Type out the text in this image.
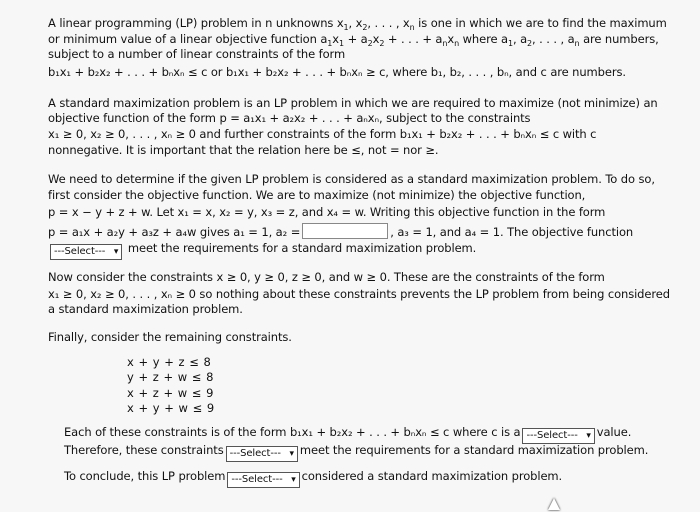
A linear programming (LP) problem in n unknowns $x_1$, $x_2$, . . . , $x_n$ is one in which we are to find the maximum
or minimum value of a linear objective function $a_1x_1 + a_2x_2$ + . . . + $a_nx_n$ where $a_1$, $a_2$, . . . , $a_n$ are numbers,
subject to a number of linear constraints of the form
b₁x₁ + b₂x₂ + . . . + bₙxₙ ≤ c or b₁x₁ + b₂x₂ + . . . + bₙxₙ ≥ c, where b₁, b₂, . . . , bₙ, and c are numbers.
A standard maximization problem is an LP problem in which we are required to maximize (not minimize) an
objective function of the form p = a₁x₁ + a₂x₂ + . . . + aₙxₙ, subject to the constraints
x₁ ≥ 0, x₂ ≥ 0, . . . , xₙ ≥ 0 and further constraints of the form b₁x₁ + b₂x₂ + . . . + bₙxₙ ≤ c with c
nonnegative. It is important that the relation here be ≤, not = nor ≥.
We need to determine if the given LP problem is considered as a standard maximization problem. To do so,
first consider the objective function. We are to maximize (not minimize) the objective function,
p = x − y + z + w. Let x₁ = x, x₂ = y, x₃ = z, and x₄ = w. Writing this objective function in the form
p = a₁x + a₂y + a₃z + a₄w gives a₁ = 1, a₂ =	, a₃ = 1, and a₄ = 1. The objective function
---Select--- ▾ meet the requirements for a standard maximization problem.
Now consider the constraints x ≥ 0, y ≥ 0, z ≥ 0, and w ≥ 0. These are the constraints of the form
x₁ ≥ 0, x₂ ≥ 0, . . . , xₙ ≥ 0 so nothing about these constraints prevents the LP problem from being considered
a standard maximization problem.
Finally, consider the remaining constraints.
x + y + z ≤ 8
y + z + w ≤ 8
x + z + w ≤ 9
x + y + w ≤ 9
Each of these constraints is of the form b₁x₁ + b₂x₂ + . . . + bₙxₙ ≤ c where c is a ---Select--- ▾ value.
Therefore, these constraints ---Select--- ▾ meet the requirements for a standard maximization problem.
To conclude, this LP problem ---Select--- ▾ considered a standard maximization problem.
